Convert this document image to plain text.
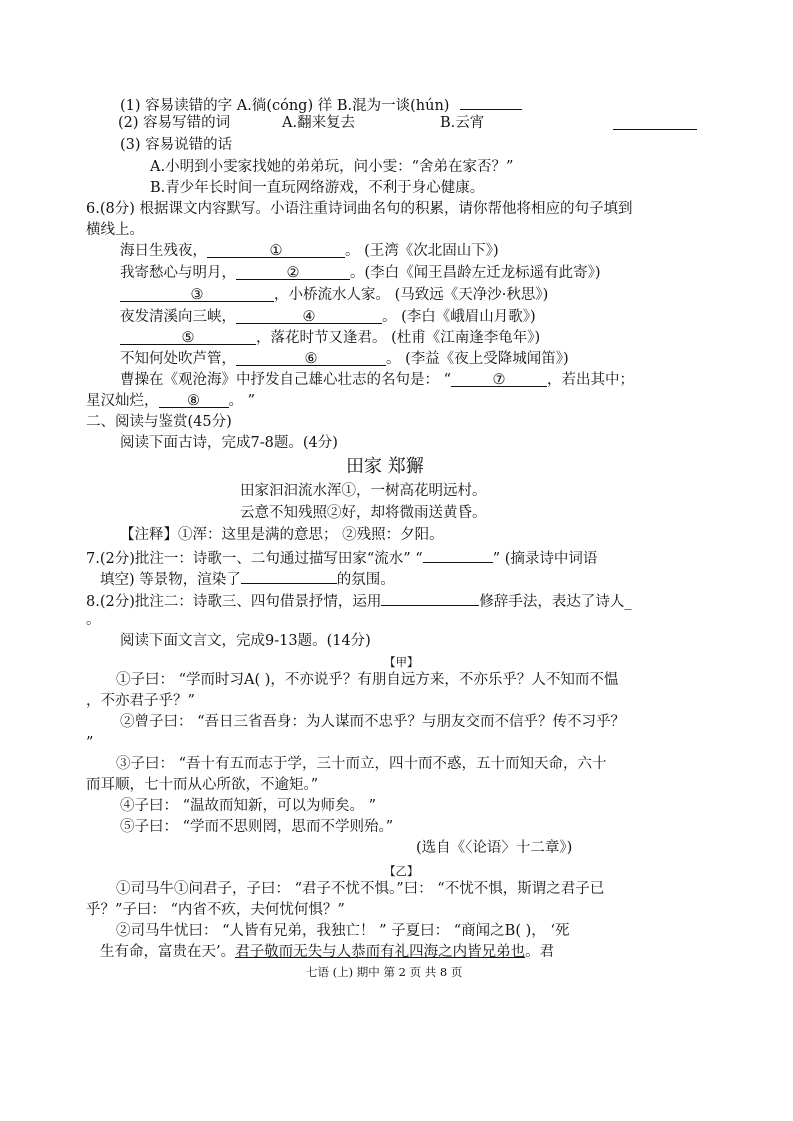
(1) 容易读错的字 A.徜(cóng) 徉 B.混为一谈(hún)
(2) 容易写错的词	A.翻来复去	B.云宵
(3) 容易说错的话
A.小明到小雯家找她的弟弟玩，问小雯：“舍弟在家否？”
B.青少年长时间一直玩网络游戏，不利于身心健康。
6.(8分) 根据课文内容默写。小语注重诗词曲名句的积累，请你帮他将相应的句子填到
横线上。
海日生残夜，	①	。 (王湾《次北固山下》)
我寄愁心与明月，	②	。(李白《闻王昌龄左迁龙标遥有此寄》)
③	，小桥流水人家。 (马致远《天净沙·秋思》)
夜发清溪向三峡，	④	。 (李白《峨眉山月歌》)
⑤	，落花时节又逢君。 (杜甫《江南逢李龟年》)
不知何处吹芦管，	⑥	。 (李益《夜上受降城闻笛》)
曹操在《观沧海》中抒发自己雄心壮志的名句是： “	⑦	，若出其中；
星汉灿烂， ⑧ 。 ”
二、阅读与鉴赏(45分)
阅读下面古诗，完成7-8题。(4分)
田家 郑獬
田家汩汩流水浑①，一树高花明远村。
云意不知残照②好，却将微雨送黄昏。
【注释】①浑：这里是满的意思； ②残照：夕阳。
7.(2分)批注一：诗歌一、二句通过描写田家“流水” “	” (摘录诗中词语
填空) 等景物，渲染了	的氛围。
8.(2分)批注二：诗歌三、四句借景抒情，运用	修辞手法，表达了诗人_
。
阅读下面文言文，完成9-13题。(14分)
【甲】
①子曰： “学而时习A( )，不亦说乎？有朋自远方来，不亦乐乎？人不知而不愠
，不亦君子乎？”
②曾子曰： “吾日三省吾身：为人谋而不忠乎？与朋友交而不信乎？传不习乎？
”
③子曰： “吾十有五而志于学，三十而立，四十而不惑，五十而知天命，六十
而耳顺，七十而从心所欲，不逾矩。”
④子曰： “温故而知新，可以为师矣。 ”
⑤子曰： “学而不思则罔，思而不学则殆。”
(选自《〈论语〉十二章》)
【乙】
①司马牛①问君子，子曰： “君子不忧不惧。”曰： “不忧不惧，斯谓之君子已
乎？”子曰： “内省不疚，夫何忧何惧？”
②司马牛忧曰： “人皆有兄弟，我独亡！ ” 子夏曰： “商闻之B( )， ‘死
生有命，富贵在天’。君子敬而无失与人恭而有礼四海之内皆兄弟也。君
七语 (上) 期中 第 2 页 共 8 页
